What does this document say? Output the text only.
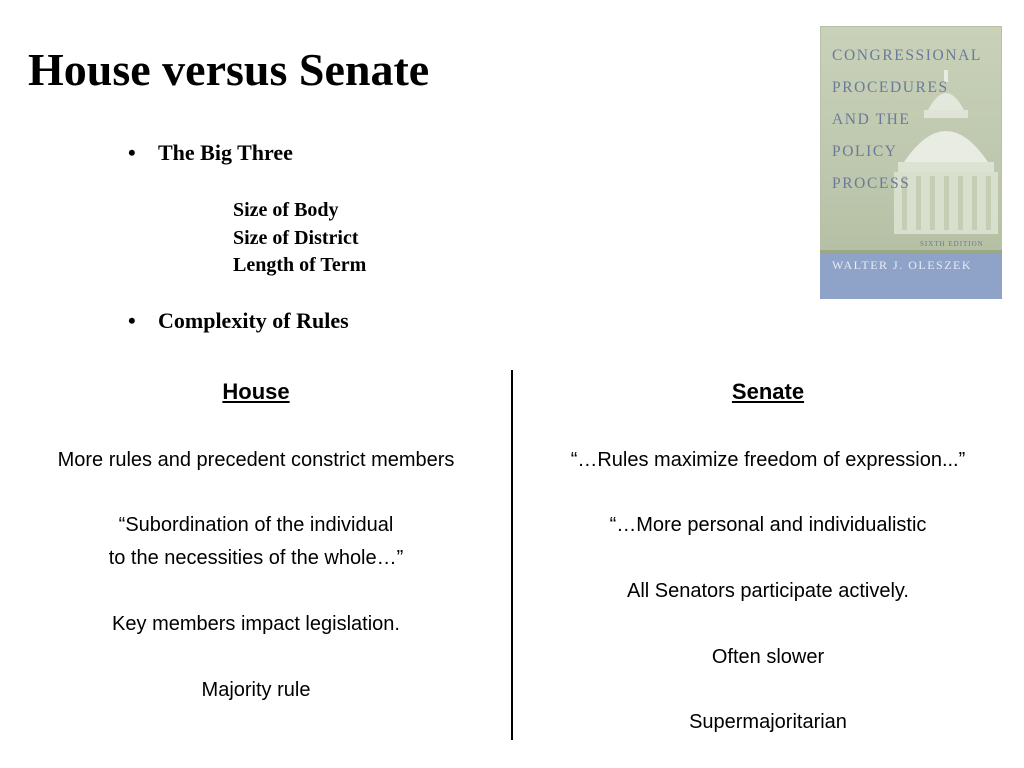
House versus Senate
• The Big Three
Size of Body
Size of District
Length of Term
• Complexity of Rules
CONGRESSIONAL
PROCEDURES
AND THE
POLICY
PROCESS
SIXTH EDITION
WALTER J. OLESZEK
House
More rules and precedent constrict members
“Subordination of the individual
to the necessities of the whole…”
Key members impact legislation.
Majority rule
Senate
“…Rules maximize freedom of expression...”
“…More personal and individualistic
All Senators participate actively.
Often slower
Supermajoritarian
